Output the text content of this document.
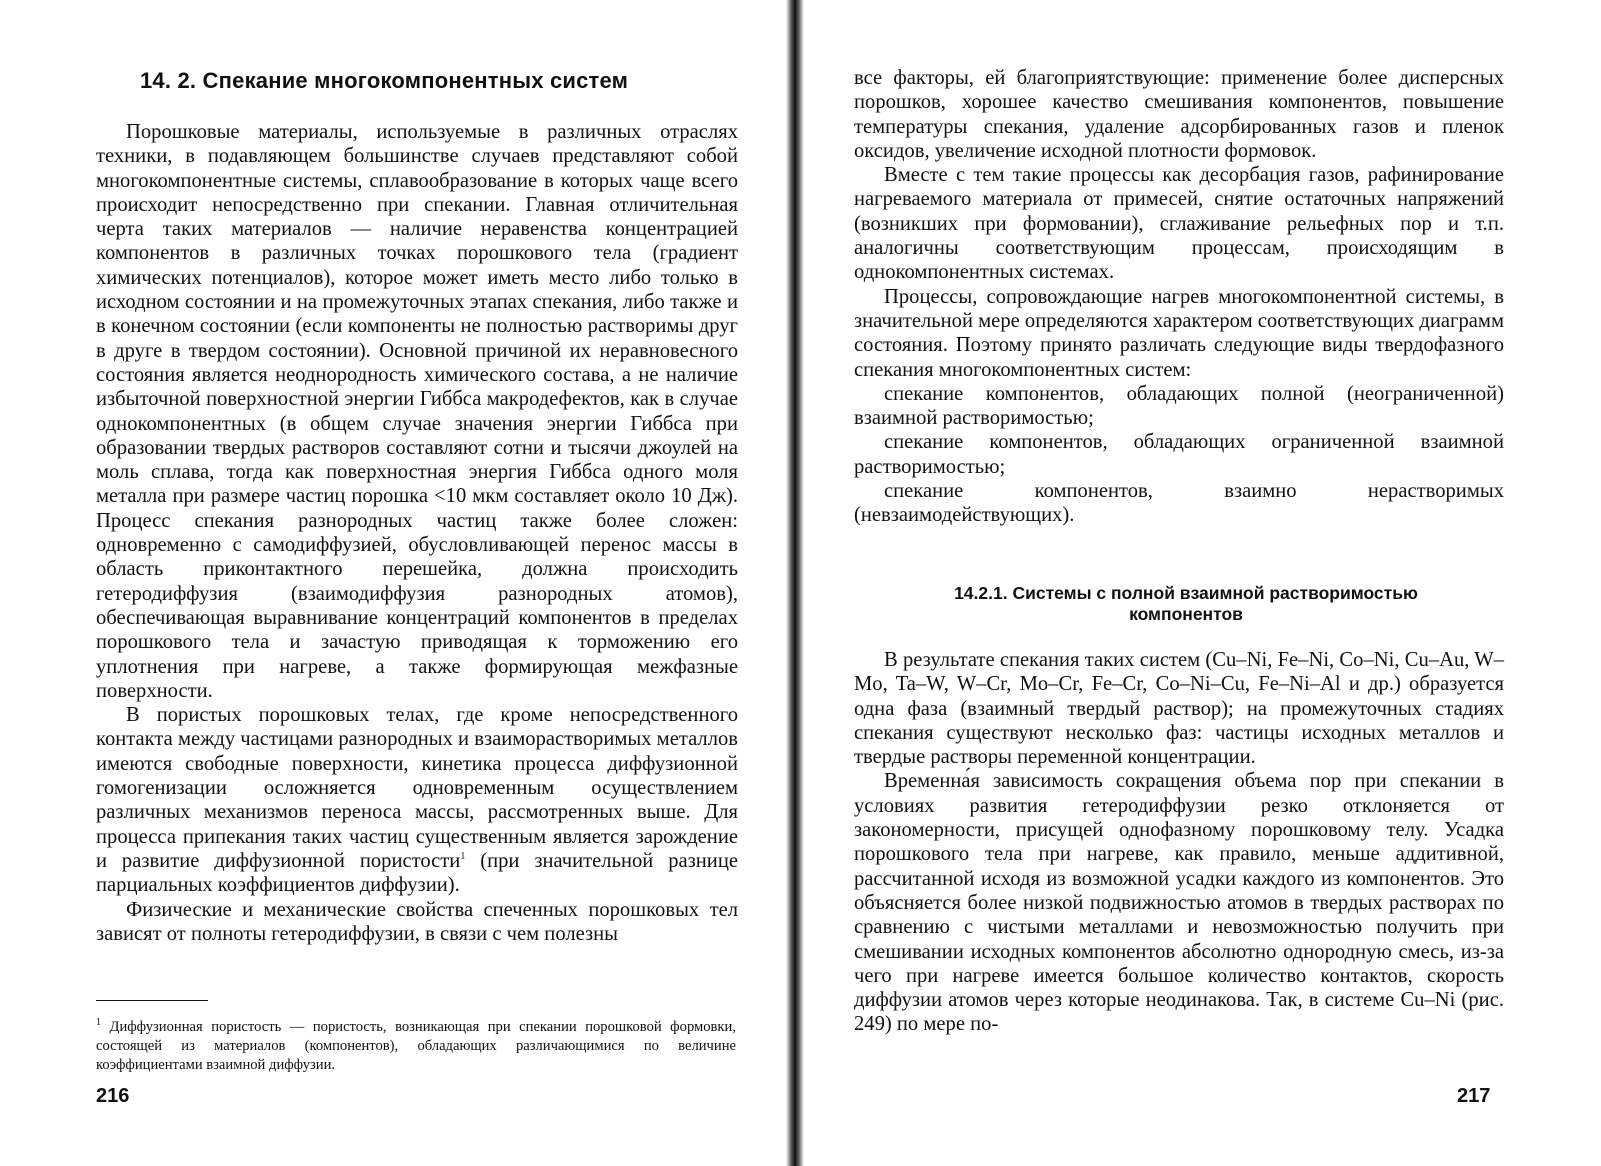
14. 2. Спекание многокомпонентных систем

Порошковые материалы, используемые в различных отраслях техники, в подавляющем большинстве случаев представляют собой многокомпонентные системы, сплавообразование в которых чаще всего происходит непосредственно при спекании. Главная отличительная черта таких материалов — наличие неравенства концентрацией компонентов в различных точках порошкового тела (градиент химических потенциалов), которое может иметь место либо только в исходном состоянии и на промежуточных этапах спекания, либо также и в конечном состоянии (если компоненты не полностью растворимы друг в друге в твердом состоянии). Основной причиной их неравновесного состояния является неоднородность химического состава, а не наличие избыточной поверхностной энергии Гиббса макродефектов, как в случае однокомпонентных (в общем случае значения энергии Гиббса при образовании твердых растворов составляют сотни и тысячи джоулей на моль сплава, тогда как поверхностная энергия Гиббса одного моля металла при размере частиц порошка <10 мкм составляет около 10 Дж). Процесс спекания разнородных частиц также более сложен: одновременно с самодиффузией, обусловливающей перенос массы в область приконтактного перешейка, должна происходить гетеродиффузия (взаимодиффузия разнородных атомов), обеспечивающая выравнивание концентраций компонентов в пределах порошкового тела и зачастую приводящая к торможению его уплотнения при нагреве, а также формирующая межфазные поверхности.

В пористых порошковых телах, где кроме непосредственного контакта между частицами разнородных и взаиморастворимых металлов имеются свободные поверхности, кинетика процесса диффузионной гомогенизации осложняется одновременным осуществлением различных механизмов переноса массы, рассмотренных выше. Для процесса припекания таких частиц существенным является зарождение и развитие диффузионной пористости$^1$ (при значительной разнице парциальных коэффициентов диффузии).

Физические и механические свойства спеченных порошковых тел зависят от полноты гетеродиффузии, в связи с чем полезны

$^1$ Диффузионная пористость — пористость, возникающая при спекании порошковой формовки, состоящей из материалов (компонентов), обладающих различающимися по величине коэффициентами взаимной диффузии.

216

все факторы, ей благоприятствующие: применение более дисперсных порошков, хорошее качество смешивания компонентов, повышение температуры спекания, удаление адсорбированных газов и пленок оксидов, увеличение исходной плотности формовок.

Вместе с тем такие процессы как десорбация газов, рафинирование нагреваемого материала от примесей, снятие остаточных напряжений (возникших при формовании), сглаживание рельефных пор и т.п. аналогичны соответствующим процессам, происходящим в однокомпонентных системах.

Процессы, сопровождающие нагрев многокомпонентной системы, в значительной мере определяются характером соответствующих диаграмм состояния. Поэтому принято различать следующие виды твердофазного спекания многокомпонентных систем:

спекание компонентов, обладающих полной (неограниченной) взаимной растворимостью;

спекание компонентов, обладающих ограниченной взаимной растворимостью;

спекание компонентов, взаимно нерастворимых (невзаимодействующих).

14.2.1. Системы с полной взаимной растворимостью
компонентов

В результате спекания таких систем (Cu–Ni, Fe–Ni, Co–Ni, Cu–Au, W–Mo, Ta–W, W–Cr, Mo–Cr, Fe–Cr, Co–Ni–Cu, Fe–Ni–Al и др.) образуется одна фаза (взаимный твердый раствор); на промежуточных стадиях спекания существуют несколько фаз: частицы исходных металлов и твердые растворы переменной концентрации.

Временна́я зависимость сокращения объема пор при спекании в условиях развития гетеродиффузии резко отклоняется от закономерности, присущей однофазному порошковому телу. Усадка порошкового тела при нагреве, как правило, меньше аддитивной, рассчитанной исходя из возможной усадки каждого из компонентов. Это объясняется более низкой подвижностью атомов в твердых растворах по сравнению с чистыми металлами и невозможностью получить при смешивании исходных компонентов абсолютно однородную смесь, из-за чего при нагреве имеется большое количество контактов, скорость диффузии атомов через которые неодинакова. Так, в системе Cu–Ni (рис. 249) по мере по-

217
